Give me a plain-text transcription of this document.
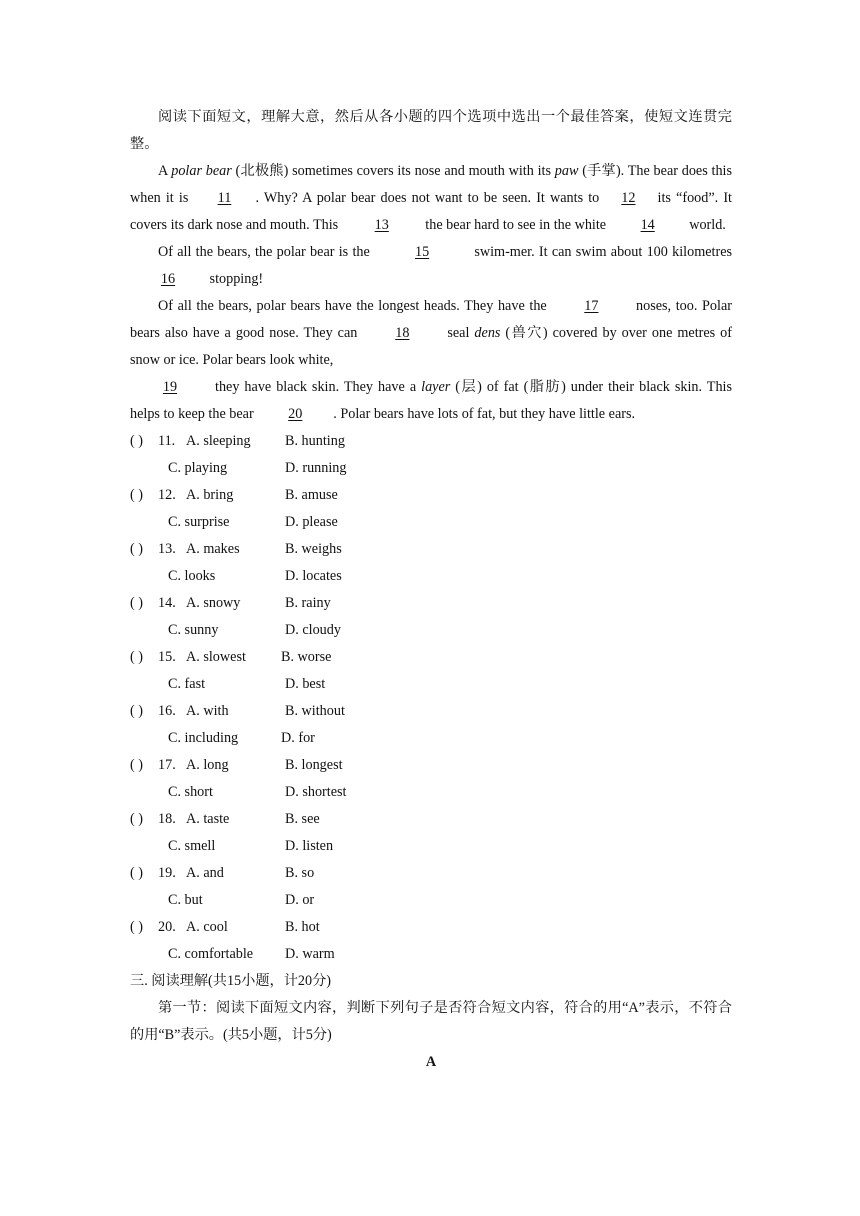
阅读下面短文，理解大意，然后从各小题的四个选项中选出一个最佳答案，使短文连贯完整。

A polar bear (北极熊) sometimes covers its nose and mouth with its paw (手掌). The bear does this when it is 11 . Why? A polar bear does not want to be seen. It wants to 12 its “food”. It covers its dark nose and mouth. This 13 the bear hard to see in the white 14 world.

Of all the bears, the polar bear is the	15	swim-mer. It can swim about 100 kilometres 16 stopping!

Of all the bears, polar bears have the longest heads. They have the 17 noses, too. Polar bears also have a good nose. They can 18 seal dens (兽穴) covered by over one metres of snow or ice. Polar bears look white,

19 they have black skin. They have a layer (层) of fat (脂肪) under their black skin. This helps to keep the bear 20 . Polar bears have lots of fat, but they have little ears.

( ) 11. A. sleeping B. hunting
C. playing	D. running
( ) 12. A. bring	B. amuse
C. surprise	D. please
( ) 13. A. makes	B. weighs
C. looks	D. locates
( ) 14. A. snowy	B. rainy
C. sunny	D. cloudy
( ) 15. A. slowest B. worse
C. fast	D. best
( ) 16. A. with	B. without
C. including	D. for
( ) 17. A. long	B. longest
C. short	D. shortest
( ) 18. A. taste	B. see
C. smell	D. listen
( ) 19. A. and	B. so
C. but	D. or
( ) 20. A. cool	B. hot
C. comfortable D. warm

三. 阅读理解(共15小题，计20分)

第一节：阅读下面短文内容，判断下列句子是否符合短文内容，符合的用“A”表示，不符合的用“B”表示。(共5小题，计5分)

A
